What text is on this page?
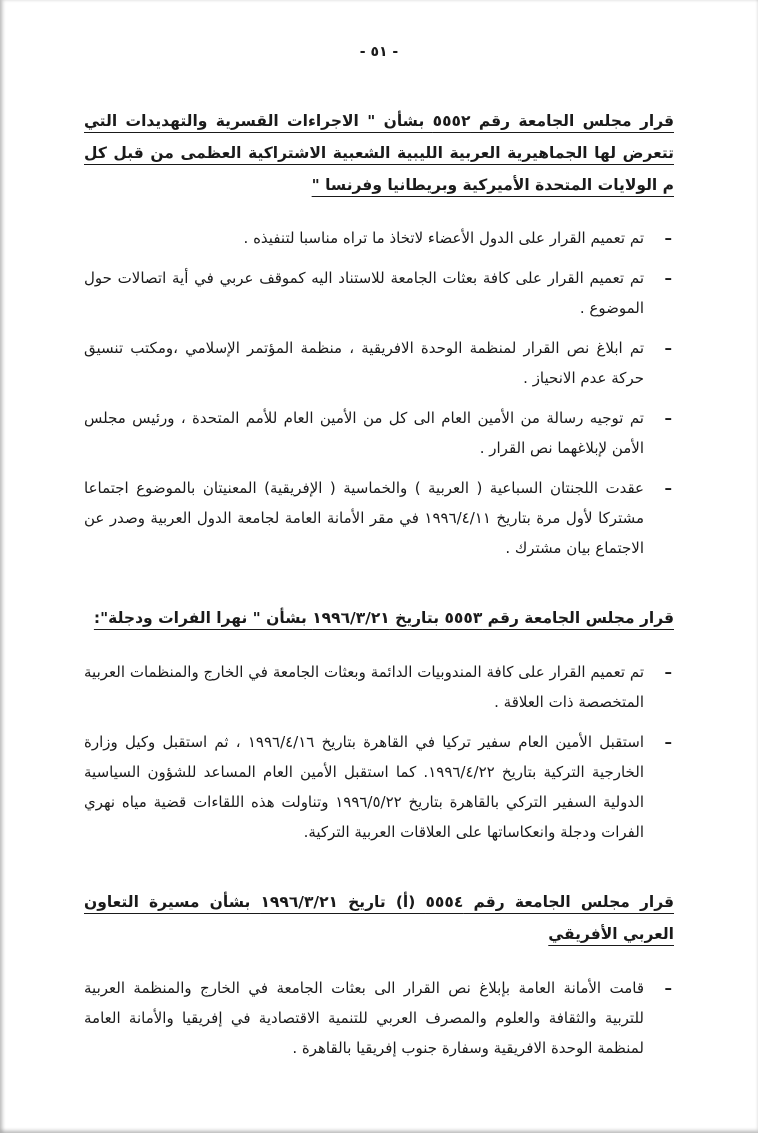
- ٥١ -
قرار مجلس الجامعة رقم ٥٥٥٢ بشأن " الاجراءات القسرية والتهديدات التي تتعرض لها الجماهيرية العربية الليبية الشعبية الاشتراكية العظمى من قبل كل م الولايات المتحدة الأميركية وبريطانيا وفرنسا "
–

تم تعميم القرار على الدول الأعضاء لاتخاذ ما تراه مناسبا لتنفيذه .

–

تم تعميم القرار على كافة بعثات الجامعة للاستناد اليه كموقف عربي في أية اتصالات حول الموضوع .

–

تم ابلاغ نص القرار لمنظمة الوحدة الافريقية ، منظمة المؤتمر الإسلامي ،ومكتب تنسيق حركة عدم الانحياز .

–

تم توجيه رسالة من الأمين العام الى كل من الأمين العام للأمم المتحدة ، ورئيس مجلس الأمن لإبلاغهما نص القرار .

–

عقدت اللجنتان السباعية ( العربية ) والخماسية ( الإفريقية) المعنيتان بالموضوع اجتماعا مشتركا لأول مرة بتاريخ ١٩٩٦/٤/١١ في مقر الأمانة العامة لجامعة الدول العربية وصدر عن الاجتماع بيان مشترك .

قرار مجلس الجامعة رقم ٥٥٥٣ بتاريخ ١٩٩٦/٣/٢١ بشأن " نهرا الفرات ودجلة":
–

تم تعميم القرار على كافة المندوبيات الدائمة وبعثات الجامعة في الخارج والمنظمات العربية المتخصصة ذات العلاقة .

–

استقبل الأمين العام سفير تركيا في القاهرة بتاريخ ١٩٩٦/٤/١٦ ، ثم استقبل وكيل وزارة الخارجية التركية بتاريخ ١٩٩٦/٤/٢٢. كما استقبل الأمين العام المساعد للشؤون السياسية الدولية السفير التركي بالقاهرة بتاريخ ١٩٩٦/٥/٢٢ وتناولت هذه اللقاءات قضية مياه نهري الفرات ودجلة وانعكاساتها على العلاقات العربية التركية.

قرار مجلس الجامعة رقم ٥٥٥٤ (أ) تاريخ ١٩٩٦/٣/٢١ بشأن مسيرة التعاون العربي الأفريقي
–

قامت الأمانة العامة بإبلاغ نص القرار الى بعثات الجامعة في الخارج والمنظمة العربية للتربية والثقافة والعلوم والمصرف العربي للتنمية الاقتصادية في إفريقيا والأمانة العامة لمنظمة الوحدة الافريقية وسفارة جنوب إفريقيا بالقاهرة .
